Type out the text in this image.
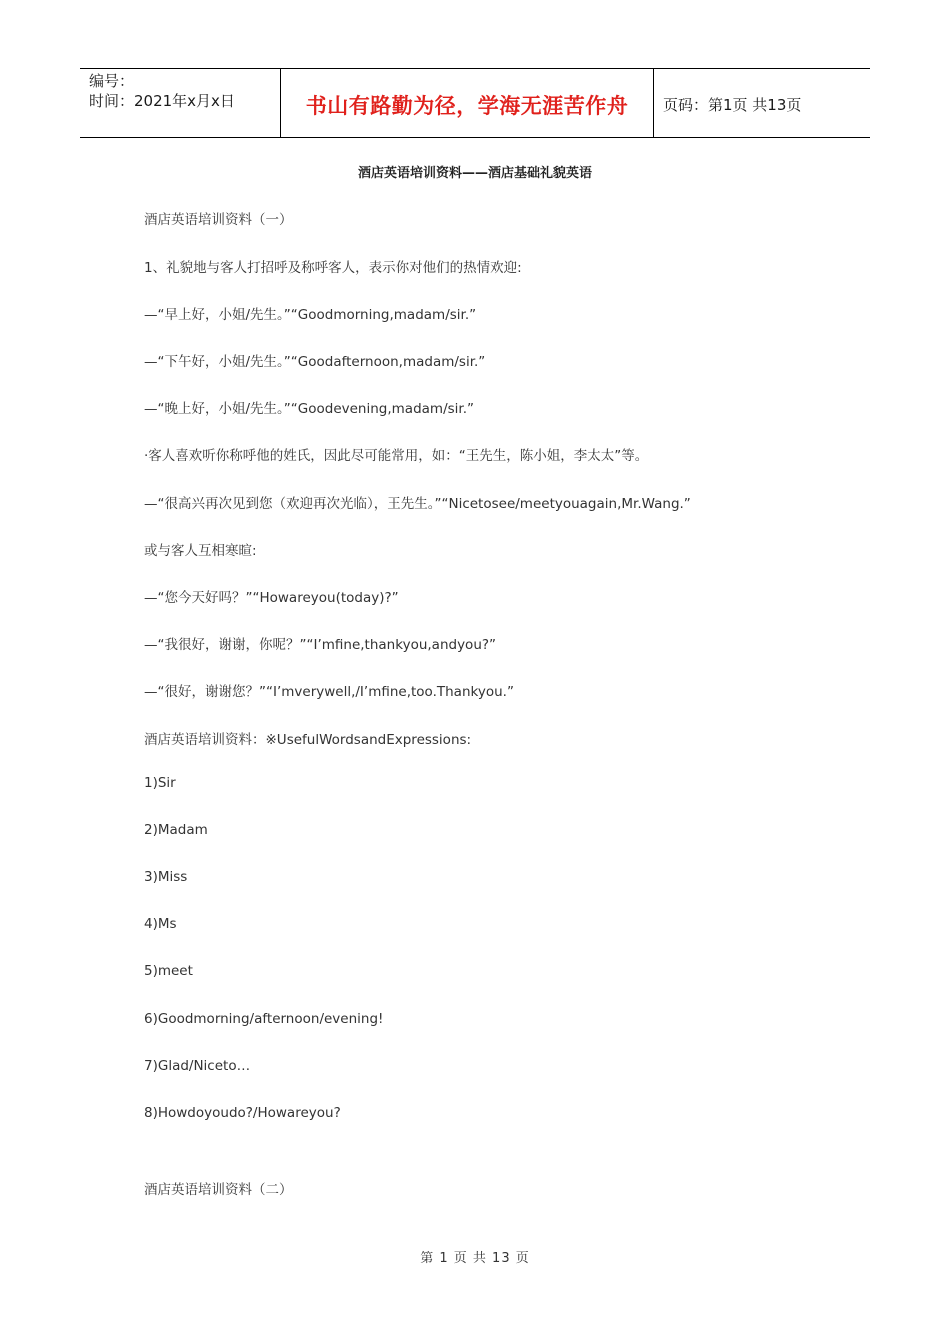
编号：
时间：2021年x月x日	书山有路勤为径，学海无涯苦作舟 页码：第1页 共13页
酒店英语培训资料——酒店基础礼貌英语
酒店英语培训资料（一）
1、礼貌地与客人打招呼及称呼客人，表示你对他们的热情欢迎:
—“早上好，小姐/先生。”“Goodmorning,madam/sir.”
—“下午好，小姐/先生。”“Goodafternoon,madam/sir.”
—“晚上好，小姐/先生。”“Goodevening,madam/sir.”
·客人喜欢听你称呼他的姓氏，因此尽可能常用，如：“王先生，陈小姐，李太太”等。
—“很高兴再次见到您（欢迎再次光临），王先生。”“Nicetosee/meetyouagain,Mr.Wang.”
或与客人互相寒暄:
—“您今天好吗？”“Howareyou(today)?”
—“我很好，谢谢，你呢？”“I’mfine,thankyou,andyou?”
—“很好，谢谢您？”“I’mverywell,/I’mfine,too.Thankyou.”
酒店英语培训资料：※UsefulWordsandExpressions:
1)Sir
2)Madam
3)Miss
4)Ms
5)meet
6)Goodmorning/afternoon/evening!
7)Glad/Niceto…
8)Howdoyoudo?/Howareyou?
酒店英语培训资料（二）
第 1 页 共 13 页
